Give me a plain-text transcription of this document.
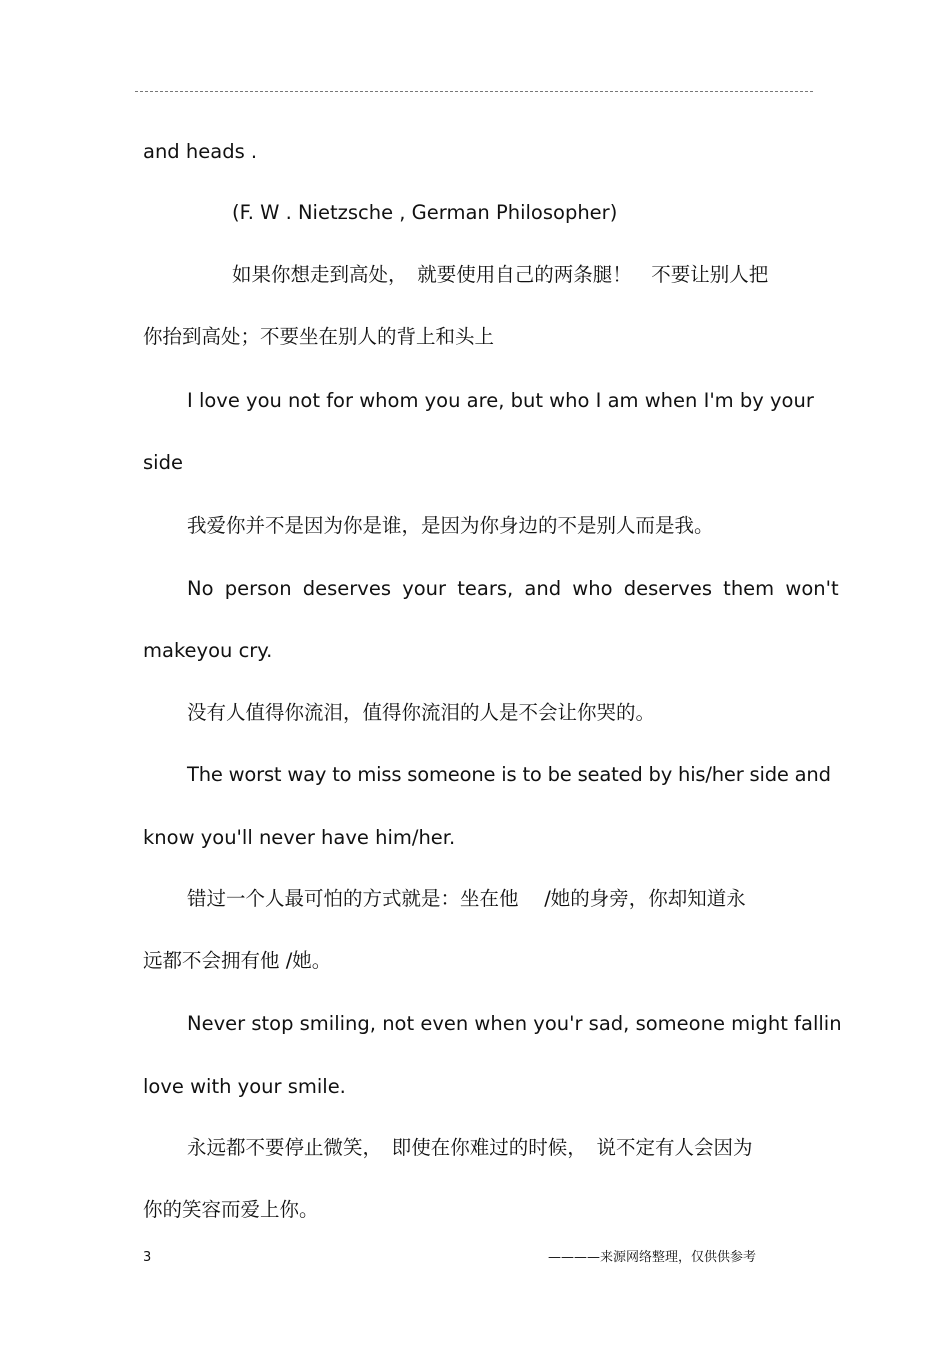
and heads .
(F. W . Nietzsche , German Philosopher)
如果你想走到高处，　就要使用自己的两条腿！　不要让别人把
你抬到高处；不要坐在别人的背上和头上
I love you not for whom you are, but who I am when I'm by your
side
我爱你并不是因为你是谁，是因为你身边的不是别人而是我。
No person deserves your tears, and who deserves them won't
makeyou cry.
没有人值得你流泪，值得你流泪的人是不会让你哭的。
The worst way to miss someone is to be seated by his/her side and
know you'll never have him/her.
错过一个人最可怕的方式就是：坐在他　 /她的身旁，你却知道永
远都不会拥有他 /她。
Never stop smiling, not even when you'r sad, someone might fallin
love with your smile.
永远都不要停止微笑，　即使在你难过的时候，　说不定有人会因为
你的笑容而爱上你。
3	————来源网络整理，仅供供参考
